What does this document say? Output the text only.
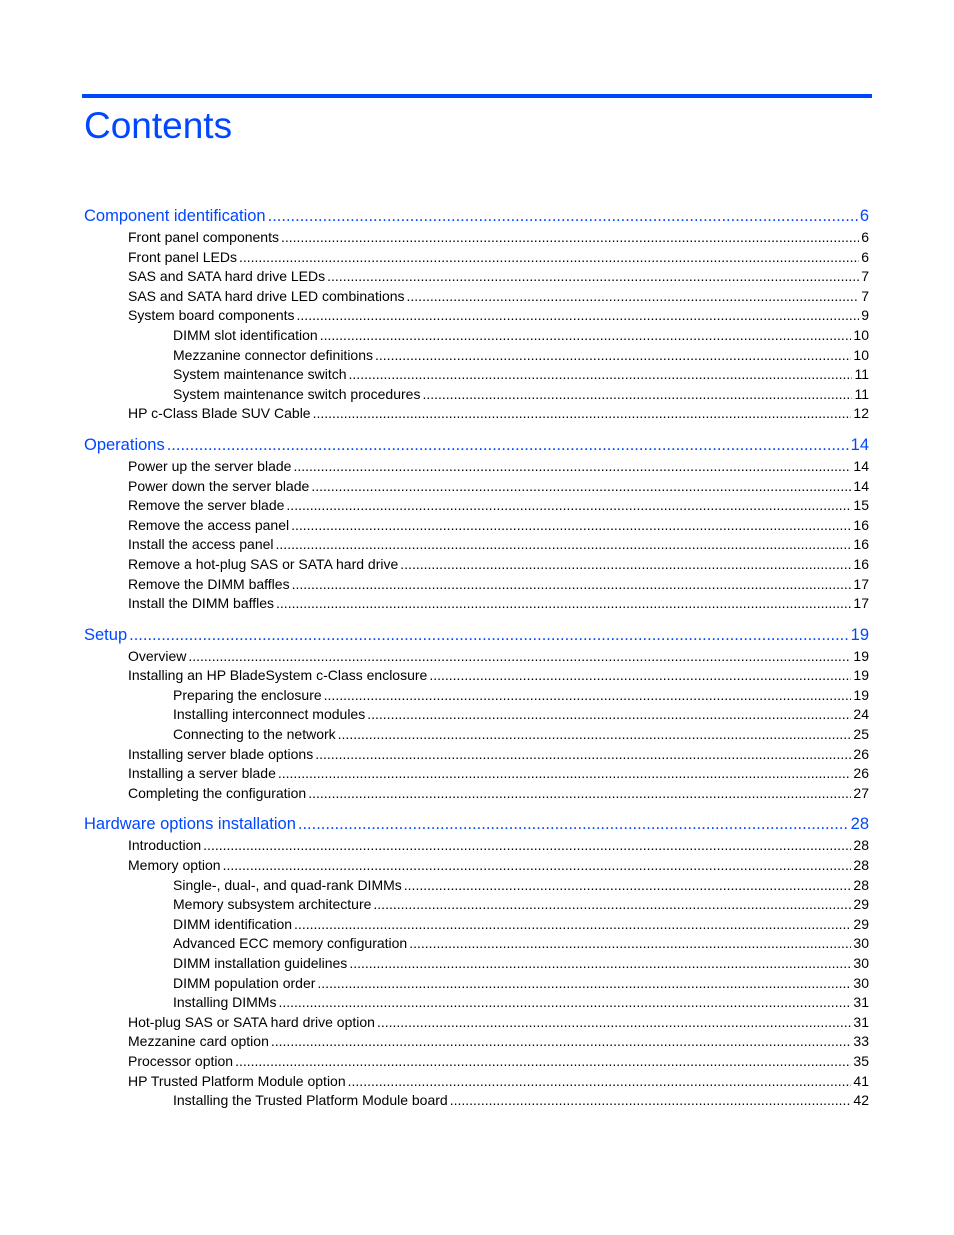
Contents
Component identification .....	6
Front panel components .....	6
Front panel LEDs .....	6
SAS and SATA hard drive LEDs .....	7
SAS and SATA hard drive LED combinations .....	7
System board components .....	9
DIMM slot identification .....	10
Mezzanine connector definitions .....	10
System maintenance switch .....	11
System maintenance switch procedures .....	11
HP c-Class Blade SUV Cable .....	12
Operations .....	14
Power up the server blade .....	14
Power down the server blade .....	14
Remove the server blade .....	15
Remove the access panel .....	16
Install the access panel .....	16
Remove a hot-plug SAS or SATA hard drive .....	16
Remove the DIMM baffles .....	17
Install the DIMM baffles .....	17
Setup .....	19
Overview .....	19
Installing an HP BladeSystem c-Class enclosure .....	19
Preparing the enclosure .....	19
Installing interconnect modules .....	24
Connecting to the network .....	25
Installing server blade options .....	26
Installing a server blade .....	26
Completing the configuration .....	27
Hardware options installation .....	28
Introduction .....	28
Memory option .....	28
Single-, dual-, and quad-rank DIMMs .....	28
Memory subsystem architecture .....	29
DIMM identification .....	29
Advanced ECC memory configuration .....	30
DIMM installation guidelines .....	30
DIMM population order .....	30
Installing DIMMs .....	31
Hot-plug SAS or SATA hard drive option .....	31
Mezzanine card option .....	33
Processor option .....	35
HP Trusted Platform Module option .....	41
Installing the Trusted Platform Module board .....	42
